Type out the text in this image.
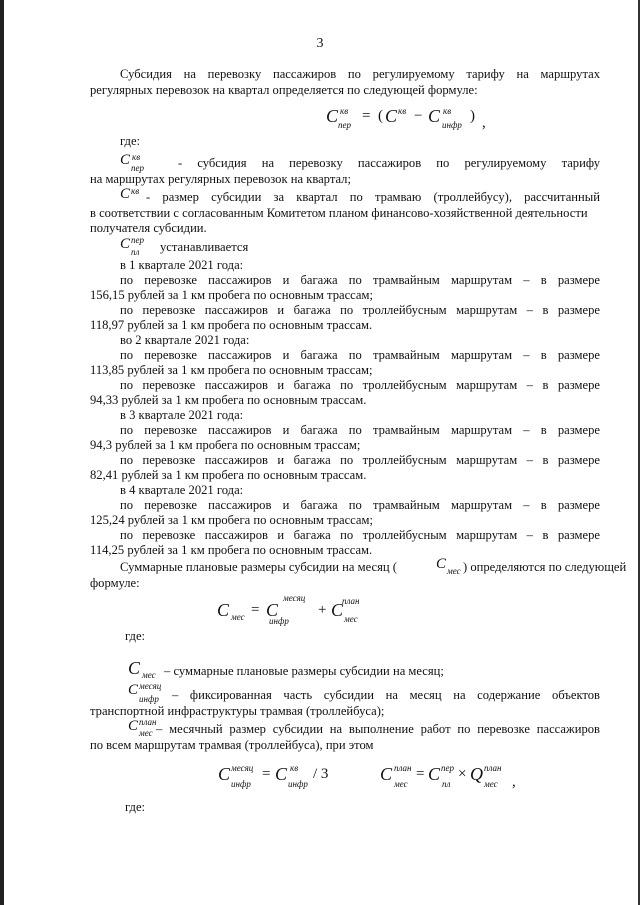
3
Субсидия на перевозку пассажиров по регулируемому тарифу на маршрутах
регулярных перевозок на квартал определяется по следующей формуле:
C кв
пер
= ( C кв − C кв
инфр
) ,
где:
C кв
пер	- субсидия на перевозку пассажиров по регулируемому тарифу
на маршрутах регулярных перевозок на квартал;
C кв - размер субсидии за квартал по трамваю (троллейбусу), рассчитанный
в соответствии с согласованным Комитетом планом финансово-хозяйственной деятельности
получателя субсидии.
C пер
пл устанавливается
в 1 квартале 2021 года:
по перевозке пассажиров и багажа по трамвайным маршрутам – в размере
156,15 рублей за 1 км пробега по основным трассам;
по перевозке пассажиров и багажа по троллейбусным маршрутам – в размере
118,97 рублей за 1 км пробега по основным трассам.
во 2 квартале 2021 года:
по перевозке пассажиров и багажа по трамвайным маршрутам – в размере
113,85 рублей за 1 км пробега по основным трассам;
по перевозке пассажиров и багажа по троллейбусным маршрутам – в размере
94,33 рублей за 1 км пробега по основным трассам.
в 3 квартале 2021 года:
по перевозке пассажиров и багажа по трамвайным маршрутам – в размере
94,3 рублей за 1 км пробега по основным трассам;
по перевозке пассажиров и багажа по троллейбусным маршрутам – в размере
82,41 рублей за 1 км пробега по основным трассам.
в 4 квартале 2021 года:
по перевозке пассажиров и багажа по трамвайным маршрутам – в размере
125,24 рублей за 1 км пробега по основным трассам;
по перевозке пассажиров и багажа по троллейбусным маршрутам – в размере
114,25 рублей за 1 км пробега по основным трассам.
Суммарные плановые размеры субсидии на месяц (	C мес ) определяются по следующей
формуле:
C мес = C
месяц
инфр
+ C
план
мес
где:
C мес – суммарные плановые размеры субсидии на месяц;
C месяц
инфр – фиксированная часть субсидии на месяц на содержание объектов
транспортной инфраструктуры трамвая (троллейбуса);
C план
мес – месячный размер субсидии на выполнение работ по перевозке пассажиров
по всем маршрутам трамвая (троллейбуса), при этом
C месяц
инфр
= C кв
инфр
/ 3	C план
мес
= C пер
пл
× Q план
мес ,
где:
